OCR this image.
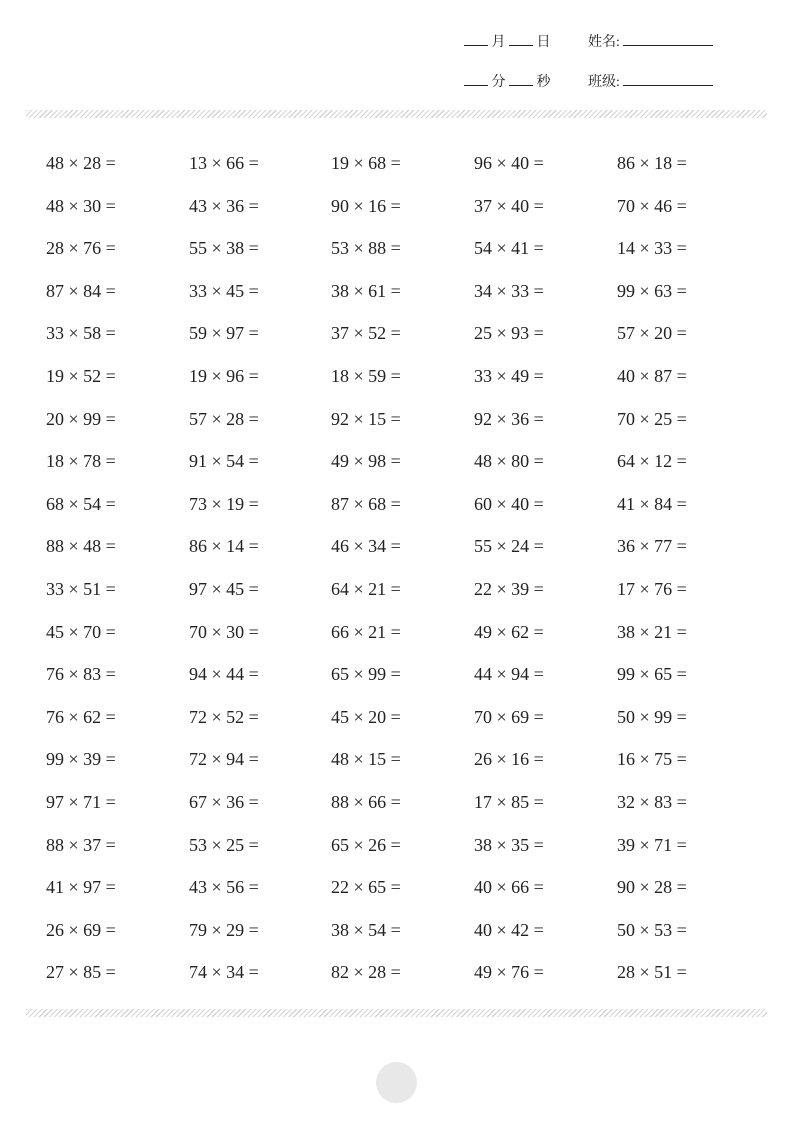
月 日	姓名:
分 秒	班级:
48 × 28 =	13 × 66 =	19 × 68 =	96 × 40 =	86 × 18 =
48 × 30 =	43 × 36 =	90 × 16 =	37 × 40 =	70 × 46 =
28 × 76 =	55 × 38 =	53 × 88 =	54 × 41 =	14 × 33 =
87 × 84 =	33 × 45 =	38 × 61 =	34 × 33 =	99 × 63 =
33 × 58 =	59 × 97 =	37 × 52 =	25 × 93 =	57 × 20 =
19 × 52 =	19 × 96 =	18 × 59 =	33 × 49 =	40 × 87 =
20 × 99 =	57 × 28 =	92 × 15 =	92 × 36 =	70 × 25 =
18 × 78 =	91 × 54 =	49 × 98 =	48 × 80 =	64 × 12 =
68 × 54 =	73 × 19 =	87 × 68 =	60 × 40 =	41 × 84 =
88 × 48 =	86 × 14 =	46 × 34 =	55 × 24 =	36 × 77 =
33 × 51 =	97 × 45 =	64 × 21 =	22 × 39 =	17 × 76 =
45 × 70 =	70 × 30 =	66 × 21 =	49 × 62 =	38 × 21 =
76 × 83 =	94 × 44 =	65 × 99 =	44 × 94 =	99 × 65 =
76 × 62 =	72 × 52 =	45 × 20 =	70 × 69 =	50 × 99 =
99 × 39 =	72 × 94 =	48 × 15 =	26 × 16 =	16 × 75 =
97 × 71 =	67 × 36 =	88 × 66 =	17 × 85 =	32 × 83 =
88 × 37 =	53 × 25 =	65 × 26 =	38 × 35 =	39 × 71 =
41 × 97 =	43 × 56 =	22 × 65 =	40 × 66 =	90 × 28 =
26 × 69 =	79 × 29 =	38 × 54 =	40 × 42 =	50 × 53 =
27 × 85 =	74 × 34 =	82 × 28 =	49 × 76 =	28 × 51 =
